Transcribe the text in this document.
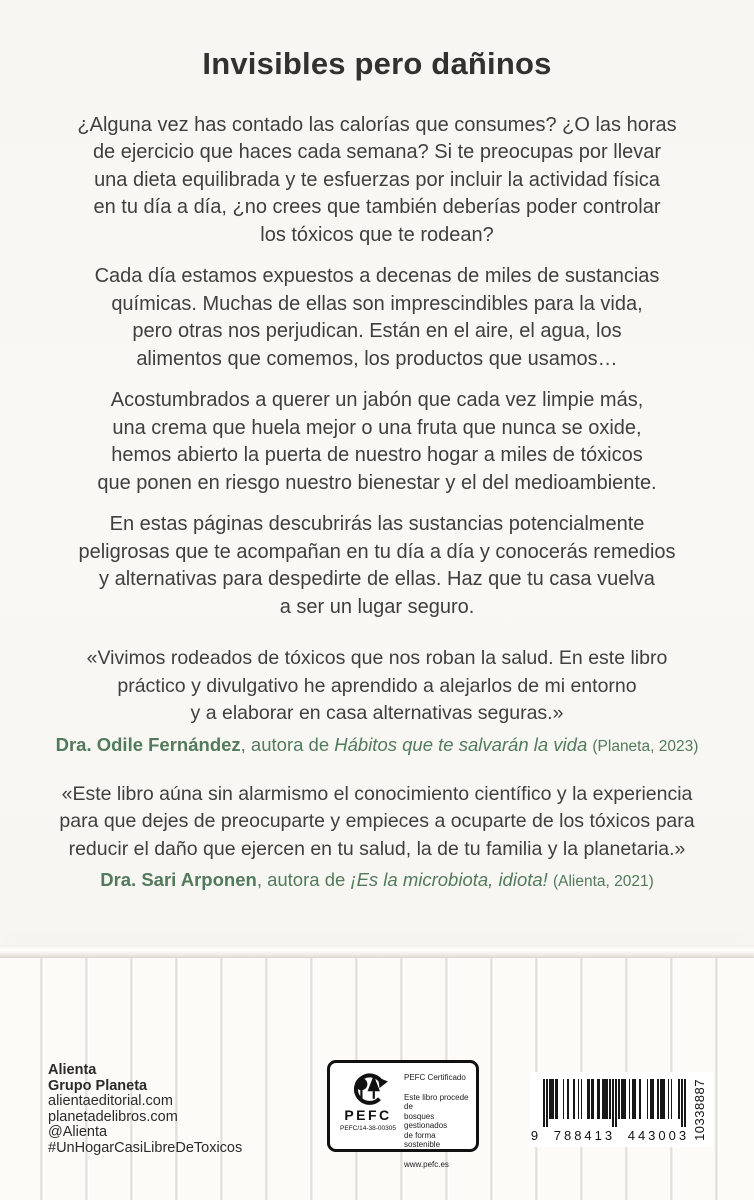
Invisibles pero dañinos

¿Alguna vez has contado las calorías que consumes? ¿O las horas
de ejercicio que haces cada semana? Si te preocupas por llevar
una dieta equilibrada y te esfuerzas por incluir la actividad física
en tu día a día, ¿no crees que también deberías poder controlar
los tóxicos que te rodean?

Cada día estamos expuestos a decenas de miles de sustancias
químicas. Muchas de ellas son imprescindibles para la vida,
pero otras nos perjudican. Están en el aire, el agua, los
alimentos que comemos, los productos que usamos…

Acostumbrados a querer un jabón que cada vez limpie más,
una crema que huela mejor o una fruta que nunca se oxide,
hemos abierto la puerta de nuestro hogar a miles de tóxicos
que ponen en riesgo nuestro bienestar y el del medioambiente.

En estas páginas descubrirás las sustancias potencialmente
peligrosas que te acompañan en tu día a día y conocerás remedios
y alternativas para despedirte de ellas. Haz que tu casa vuelva
a ser un lugar seguro.

«Vivimos rodeados de tóxicos que nos roban la salud. En este libro
práctico y divulgativo he aprendido a alejarlos de mi entorno
y a elaborar en casa alternativas seguras.»

Dra. Odile Fernández, autora de Hábitos que te salvarán la vida (Planeta, 2023)

«Este libro aúna sin alarmismo el conocimiento científico y la experiencia
para que dejes de preocuparte y empieces a ocuparte de los tóxicos para
reducir el daño que ejercen en tu salud, la de tu familia y la planetaria.»

Dra. Sari Arponen, autora de ¡Es la microbiota, idiota! (Alienta, 2021)

Alienta
Grupo Planeta
alientaeditorial.com
planetadelibros.com
@Alienta
#UnHogarCasiLibreDeToxicos
PEFC
PEFC/14-38-00305
PEFC Certificado
Este libro procede de
bosques gestionados
de forma sostenible
www.pefc.es
9 788413 443003 10338887
